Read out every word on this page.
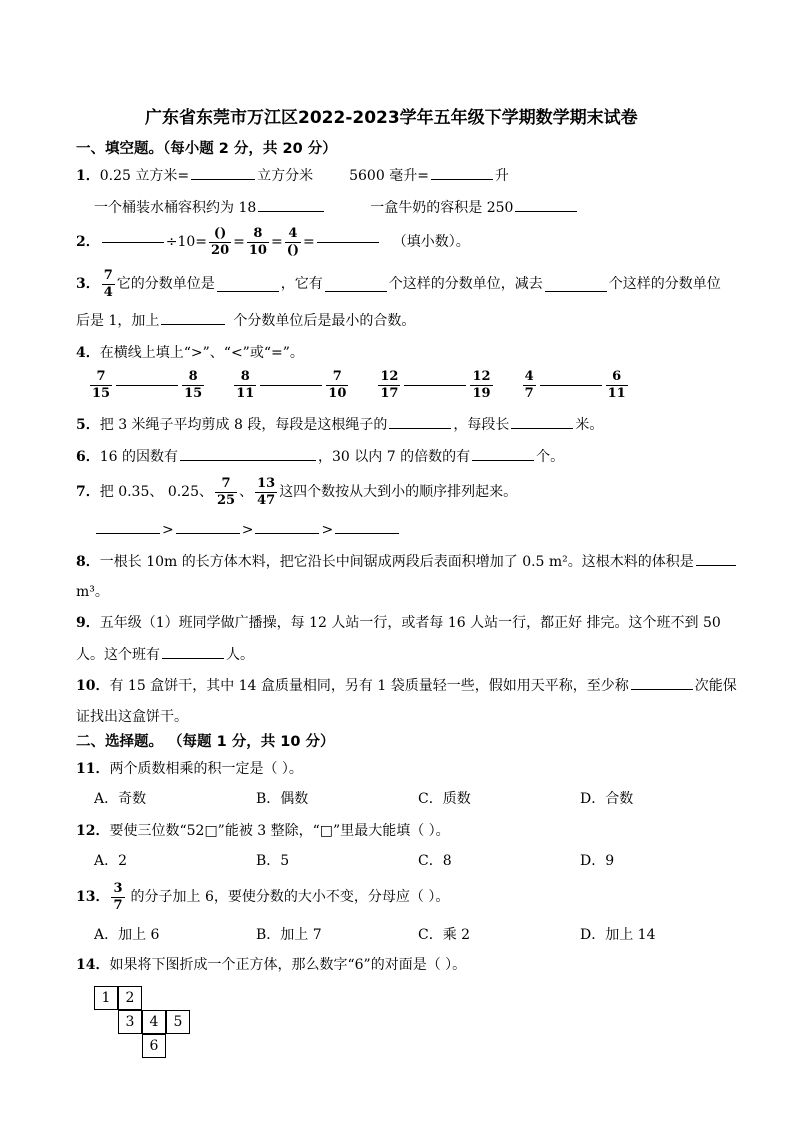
广东省东莞市万江区2022-2023学年五年级下学期数学期末试卷
一、填空题。（每小题 2 分，共 20 分）
1．0.25 立方米=	立方分米	5600 毫升=	升
一个桶装水桶容积约为 18	一盒牛奶的容积是 250
2．	$\div 10= \frac{()}{20} = \frac{8}{10} = \frac{4}{()}$ =	（填小数）。
3． $\frac{7}{4}$ 它的分数单位是	，它有	个这样的分数单位，减去	个这样的分数单位
后是 1，加上	个分数单位后是最小的合数。
4．在横线上填上“>”、“<”或“=”。
$\frac{7}{15}$	$\frac{8}{15} \frac{8}{11}$	$\frac{7}{10} \frac{12}{17}$	$\frac{12}{19} \frac{4}{7}$	$\frac{6}{11}$
5．把 3 米绳子平均剪成 8 段，每段是这根绳子的	，每段长	米。
6．16 的因数有	，30 以内 7 的倍数的有	个。
7． 把 0.35、 0.25、 $\frac{7}{25}$ 、 $\frac{13}{47}$ 这四个数按从大到小的顺序排列起来。
>	>	>
8．一根长 10m 的长方体木料，把它沿长中间锯成两段后表面积增加了 0.5 m²。这根木料的体积是
m³。
9．五年级（1）班同学做广播操，每 12 人站一行，或者每 16 人站一行，都正好 排完。这个班不到 50
人。这个班有	人。
10．有 15 盒饼干，其中 14 盒质量相同，另有 1 袋质量轻一些，假如用天平称，至少称	次能保
证找出这盒饼干。
二、选择题。 （每题 1 分，共 10 分）
11．两个质数相乘的积一定是（ ）。
A．奇数	B．偶数	C．质数	D．合数
12．要使三位数“52□”能被 3 整除，“□”里最大能填（ ）。
A．2	B．5	C．8	D．9
13． $\frac{3}{7}$ 的分子加上 6，要使分数的大小不变，分母应（ ）。
A．加上 6	B．加上 7	C．乘 2	D．加上 14
14．如果将下图折成一个正方体，那么数字“6”的对面是（ ）。
1	2
3	4	5
6
